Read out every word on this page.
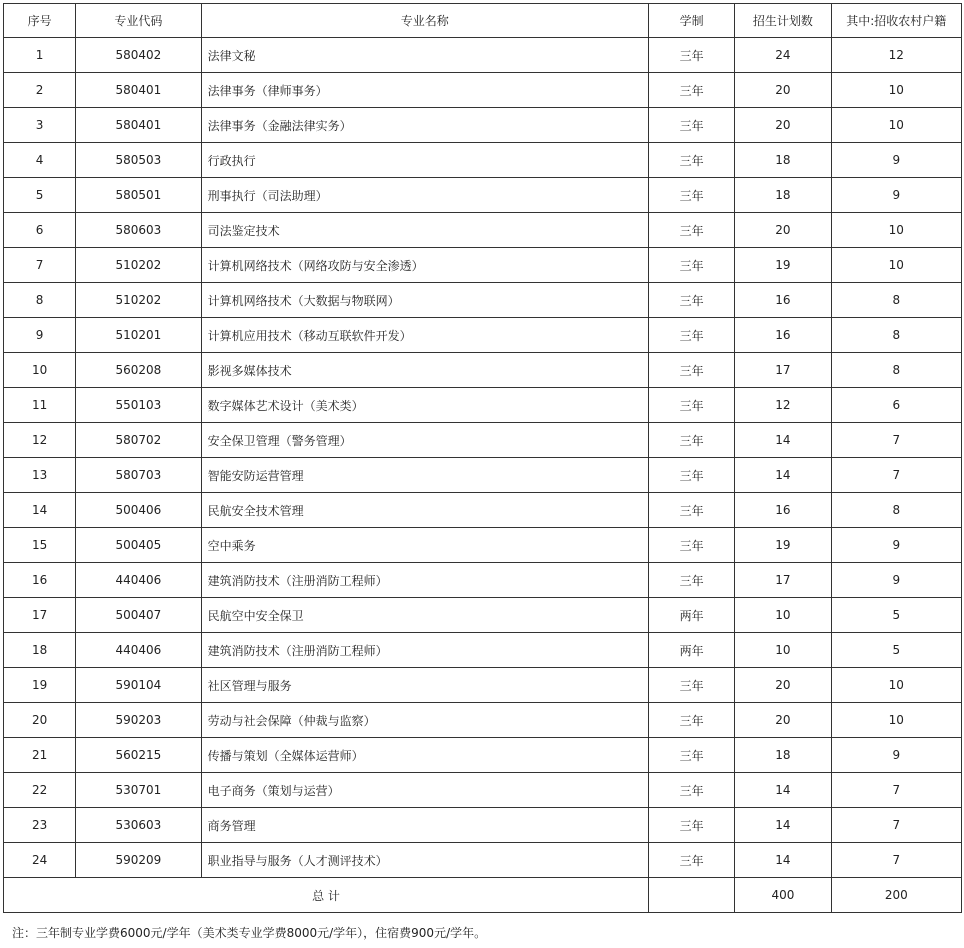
序号	专业代码	专业名称	学制	招生计划数	其中:招收农村户籍
1	580402	法律文秘	三年	24	12
2	580401	法律事务（律师事务）	三年	20	10
3	580401	法律事务（金融法律实务）	三年	20	10
4	580503	行政执行	三年	18	9
5	580501	刑事执行（司法助理）	三年	18	9
6	580603	司法鉴定技术	三年	20	10
7	510202	计算机网络技术（网络攻防与安全渗透）	三年	19	10
8	510202	计算机网络技术（大数据与物联网）	三年	16	8
9	510201	计算机应用技术（移动互联软件开发）	三年	16	8
10	560208	影视多媒体技术	三年	17	8
11	550103	数字媒体艺术设计（美术类）	三年	12	6
12	580702	安全保卫管理（警务管理）	三年	14	7
13	580703	智能安防运营管理	三年	14	7
14	500406	民航安全技术管理	三年	16	8
15	500405	空中乘务	三年	19	9
16	440406	建筑消防技术（注册消防工程师）	三年	17	9
17	500407	民航空中安全保卫	两年	10	5
18	440406	建筑消防技术（注册消防工程师）	两年	10	5
19	590104	社区管理与服务	三年	20	10
20	590203	劳动与社会保障（仲裁与监察）	三年	20	10
21	560215	传播与策划（全媒体运营师）	三年	18	9
22	530701	电子商务（策划与运营）	三年	14	7
23	530603	商务管理	三年	14	7
24	590209	职业指导与服务（人才测评技术）	三年	14	7
总 计				400	200
注：三年制专业学费6000元/学年（美术类专业学费8000元/学年），住宿费900元/学年。
